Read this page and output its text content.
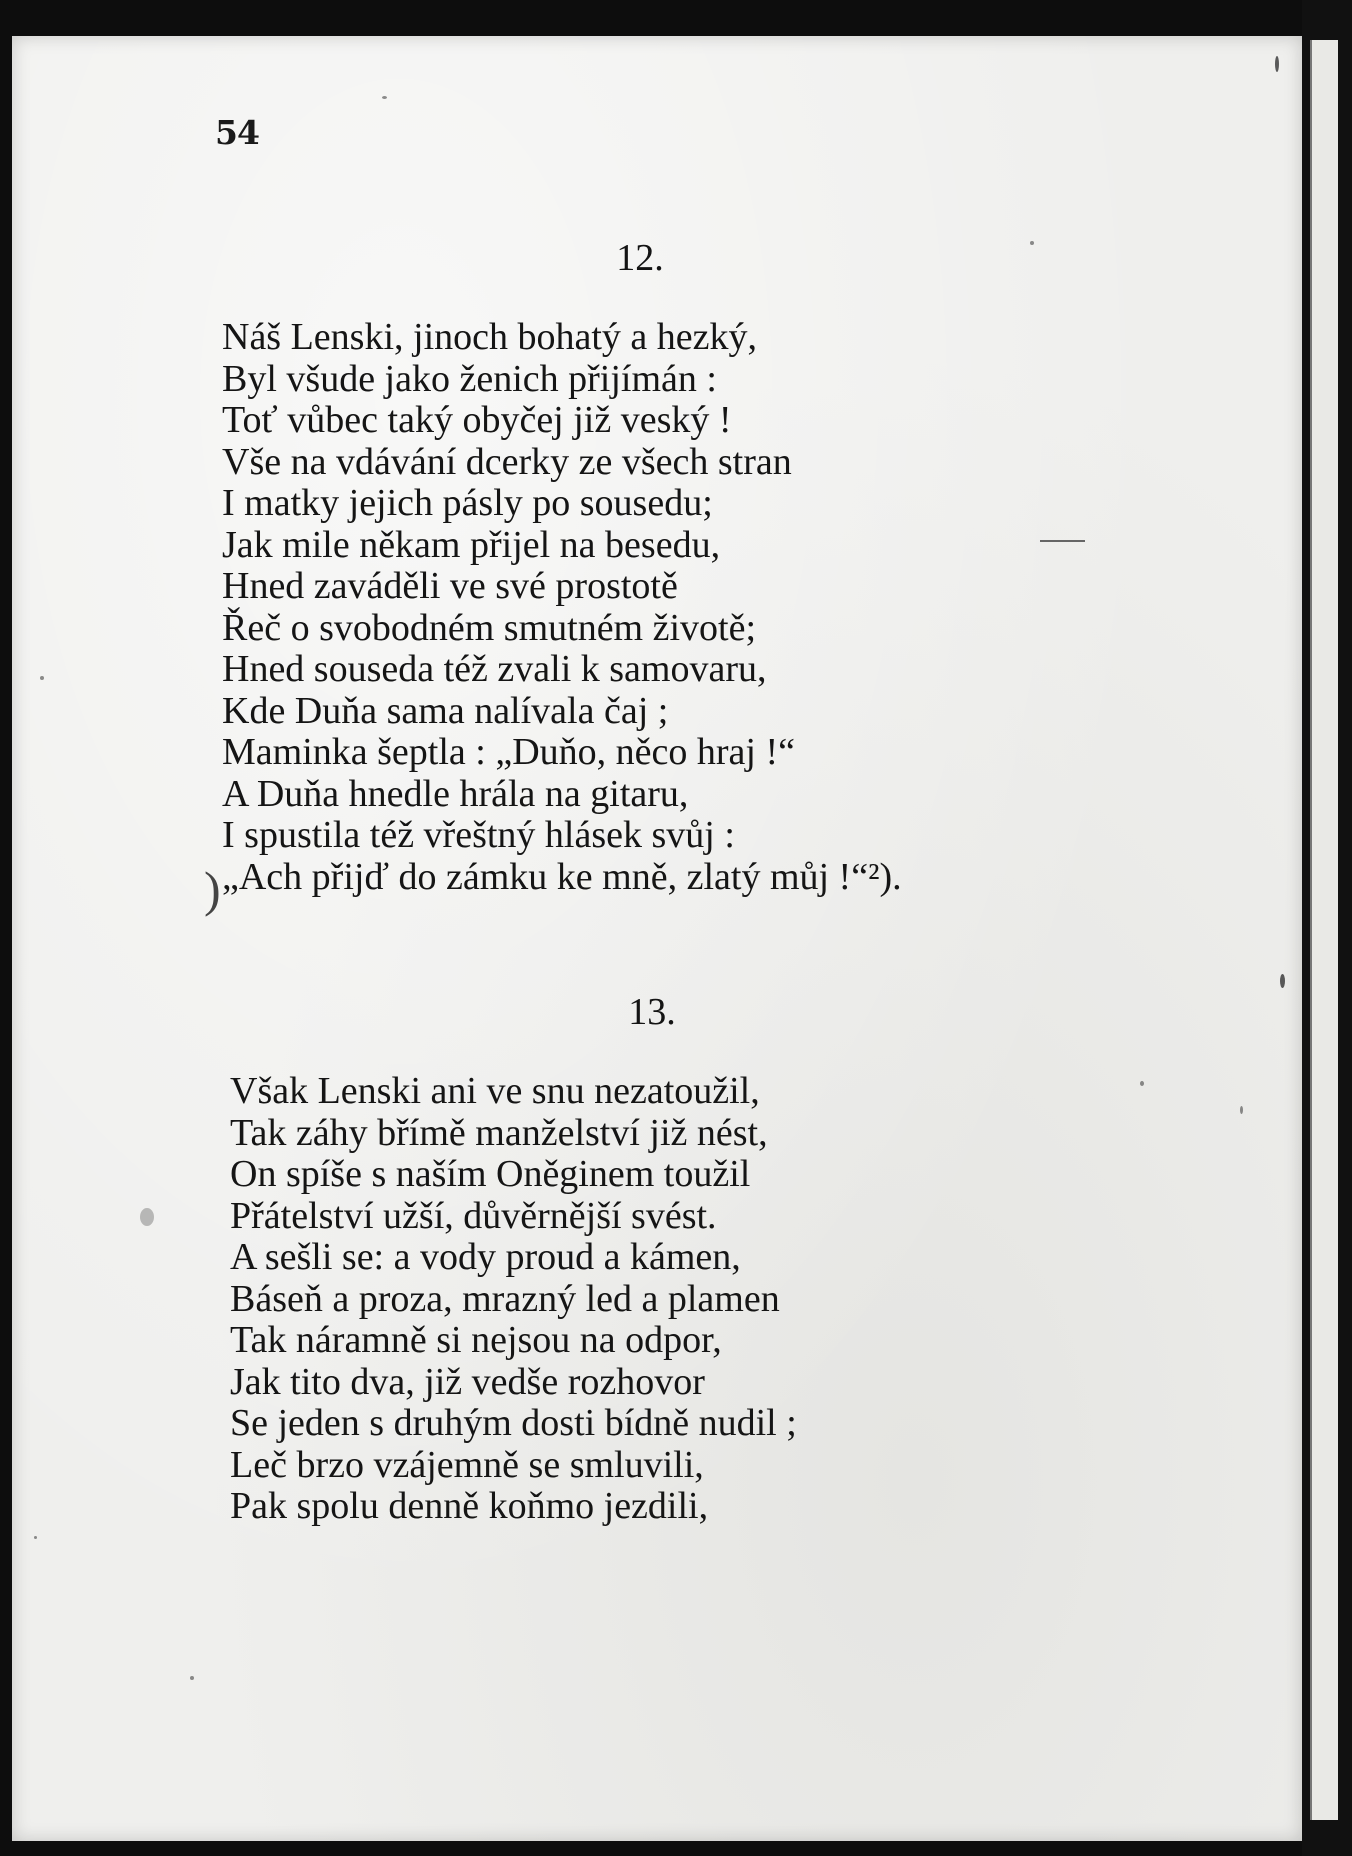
54
12.
Náš Lenski, jinoch bohatý a hezký,
Byl všude jako ženich přijímán :
Toť vůbec taký obyčej již veský !
Vše na vdávání dcerky ze všech stran
I matky jejich pásly po sousedu;
Jak mile někam přijel na besedu,
Hned zaváděli ve své prostotě
Řeč o svobodném smutném životě;
Hned souseda též zvali k samovaru,
Kde Duňa sama nalívala čaj ;
Maminka šeptla : „Duňo, něco hraj !“
A Duňa hnedle hrála na gitaru,
I spustila též vřeštný hlásek svůj :
„Ach přijď do zámku ke mně, zlatý můj !“²).
13.
Však Lenski ani ve snu nezatoužil,
Tak záhy břímě manželství již nést,
On spíše s naším Oněginem toužil
Přátelství užší, důvěrnější svést.
A sešli se: a vody proud a kámen,
Báseň a proza, mrazný led a plamen
Tak náramně si nejsou na odpor,
Jak tito dva, již vedše rozhovor
Se jeden s druhým dosti bídně nudil ;
Leč brzo vzájemně se smluvili,
Pak spolu denně koňmo jezdili,
)
